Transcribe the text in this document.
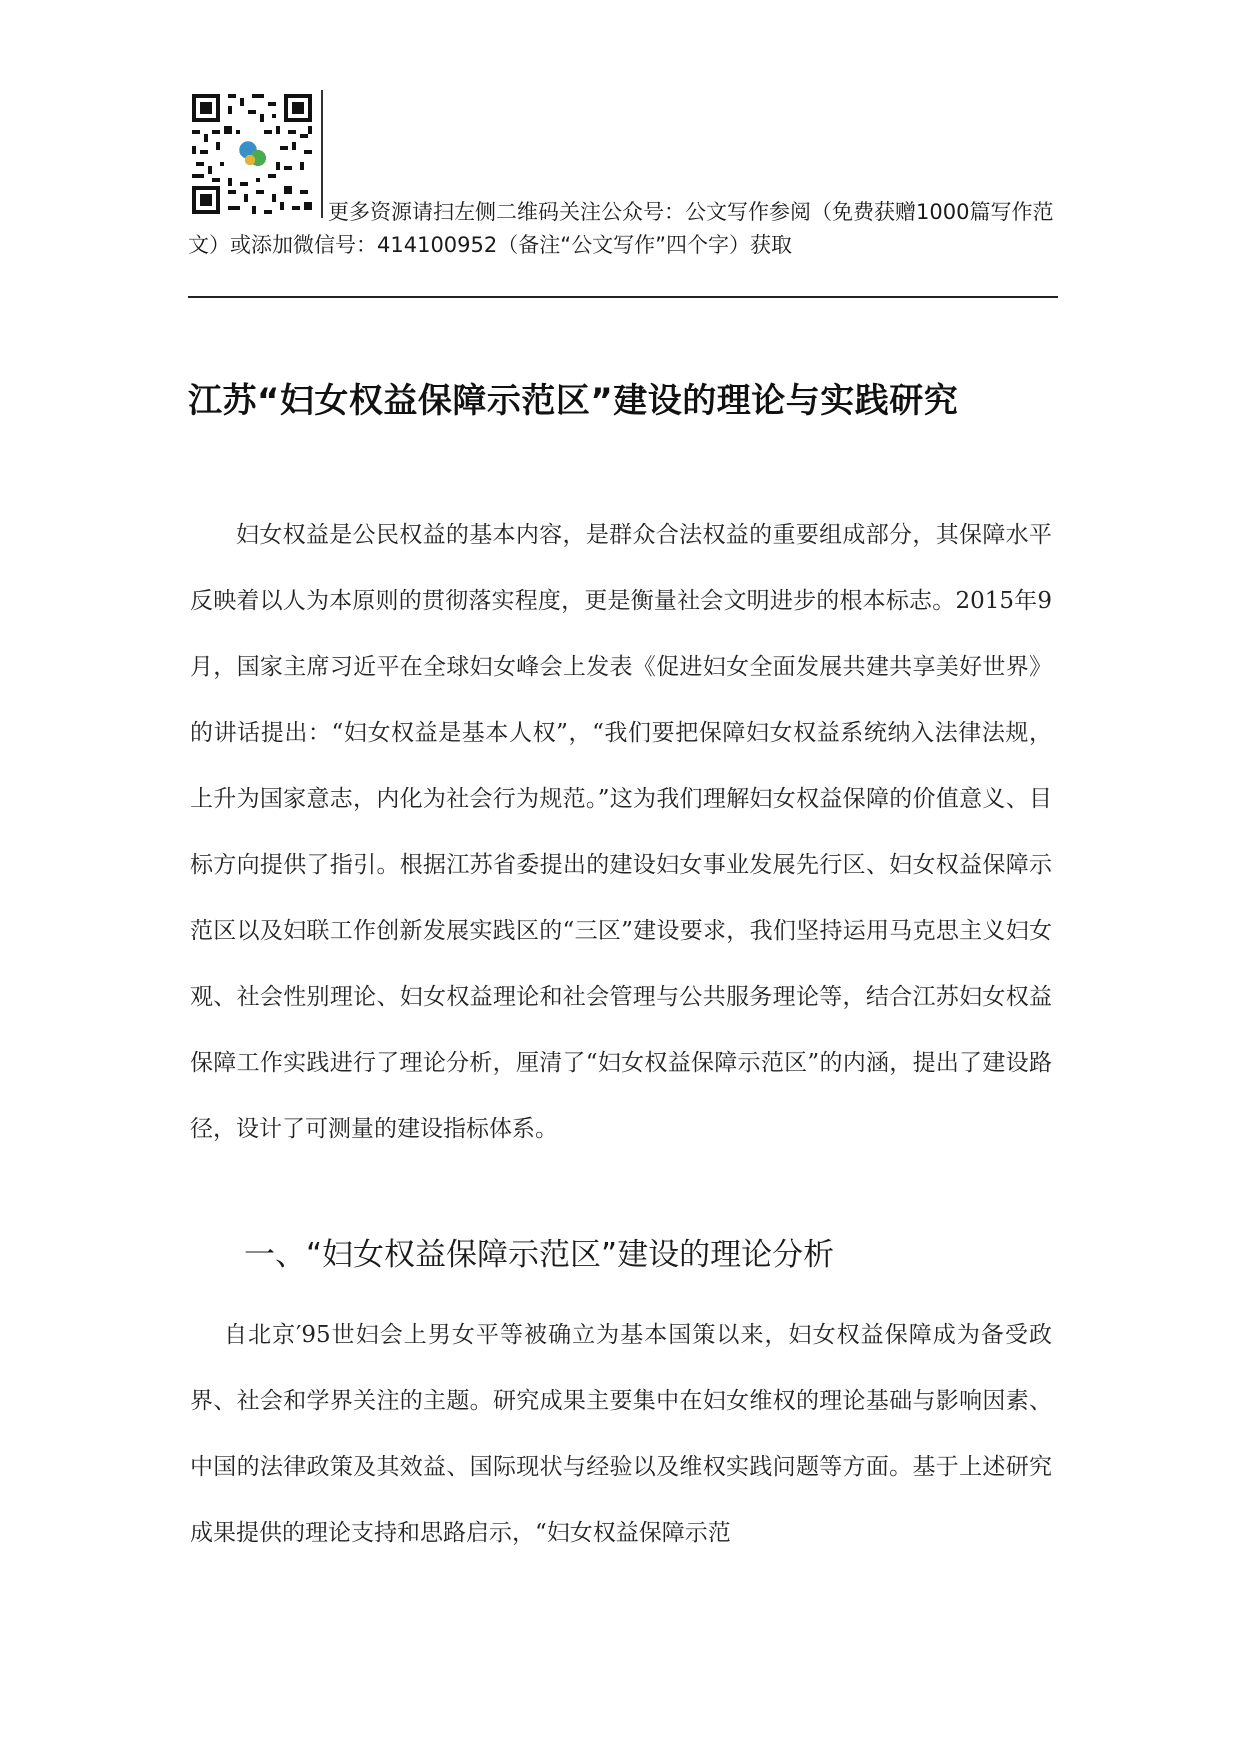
更多资源请扫左侧二维码关注公众号：公文写作参阅（免费获赠1000篇写作范文）或添加微信号：414100952（备注“公文写作”四个字）获取
江苏“妇女权益保障示范区”建设的理论与实践研究
妇女权益是公民权益的基本内容，是群众合法权益的重要组成部分，其保障水平反映着以人为本原则的贯彻落实程度，更是衡量社会文明进步的根本标志。2015年9月，国家主席习近平在全球妇女峰会上发表《促进妇女全面发展共建共享美好世界》的讲话提出：“妇女权益是基本人权”，“我们要把保障妇女权益系统纳入法律法规，上升为国家意志，内化为社会行为规范。”这为我们理解妇女权益保障的价值意义、目标方向提供了指引。根据江苏省委提出的建设妇女事业发展先行区、妇女权益保障示范区以及妇联工作创新发展实践区的“三区”建设要求，我们坚持运用马克思主义妇女观、社会性别理论、妇女权益理论和社会管理与公共服务理论等，结合江苏妇女权益保障工作实践进行了理论分析，厘清了“妇女权益保障示范区”的内涵，提出了建设路径，设计了可测量的建设指标体系。
一、“妇女权益保障示范区”建设的理论分析
自北京′95世妇会上男女平等被确立为基本国策以来，妇女权益保障成为备受政界、社会和学界关注的主题。研究成果主要集中在妇女维权的理论基础与影响因素、中国的法律政策及其效益、国际现状与经验以及维权实践问题等方面。基于上述研究成果提供的理论支持和思路启示，“妇女权益保障示范
